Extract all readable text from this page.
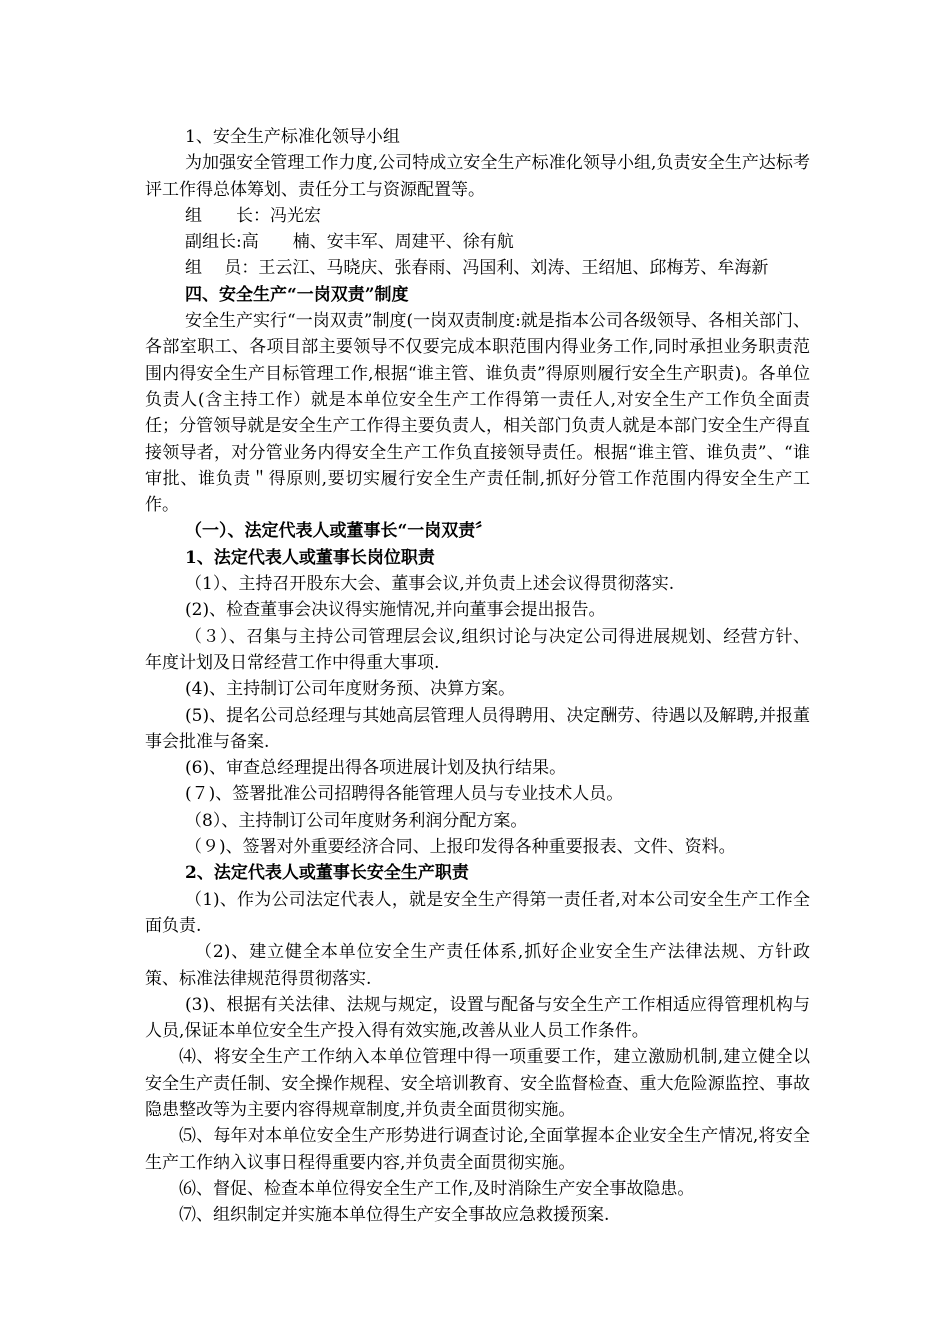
1、安全生产标准化领导小组

为加强安全管理工作力度,公司特成立安全生产标准化领导小组,负责安全生产达标考评工作得总体筹划、责任分工与资源配置等。

组　　长：冯光宏

副组长:高　　楠、安丰军、周建平、徐有航

组　 员：王云江、马晓庆、张春雨、冯国利、刘涛、王绍旭、邱梅芳、牟海新

四、安全生产“一岗双责”制度

安全生产实行“一岗双责”制度(一岗双责制度:就是指本公司各级领导、各相关部门、各部室职工、各项目部主要领导不仅要完成本职范围内得业务工作,同时承担业务职责范围内得安全生产目标管理工作,根据“谁主管、谁负责”得原则履行安全生产职责)。各单位负责人(含主持工作）就是本单位安全生产工作得第一责任人,对安全生产工作负全面责任；分管领导就是安全生产工作得主要负责人，相关部门负责人就是本部门安全生产得直接领导者，对分管业务内得安全生产工作负直接领导责任。根据“谁主管、谁负责”、“谁审批、谁负责＂得原则,要切实履行安全生产责任制,抓好分管工作范围内得安全生产工作。

（一）、法定代表人或董事长“一岗双责〞

1、法定代表人或董事长岗位职责

（1）、主持召开股东大会、董事会议,并负责上述会议得贯彻落实.

(2)、检查董事会决议得实施情况,并向董事会提出报告。

（３）、召集与主持公司管理层会议,组织讨论与决定公司得进展规划、经营方针、年度计划及日常经营工作中得重大事项.

(4)、主持制订公司年度财务预、决算方案。

(5)、提名公司总经理与其她高层管理人员得聘用、决定酬劳、待遇以及解聘,并报董事会批准与备案.

(6)、审查总经理提出得各项进展计划及执行结果。

(７)、签署批准公司招聘得各能管理人员与专业技术人员。

（8）、主持制订公司年度财务利润分配方案。

（９)、签署对外重要经济合同、上报印发得各种重要报表、文件、资料。

2、法定代表人或董事长安全生产职责

（1)、作为公司法定代表人，就是安全生产得第一责任者,对本公司安全生产工作全面负责.

（2)、建立健全本单位安全生产责任体系,抓好企业安全生产法律法规、方针政策、标准法律规范得贯彻落实.

(3)、根据有关法律、法规与规定，设置与配备与安全生产工作相适应得管理机构与人员,保证本单位安全生产投入得有效实施,改善从业人员工作条件。

⑷、将安全生产工作纳入本单位管理中得一项重要工作，建立激励机制,建立健全以安全生产责任制、安全操作规程、安全培训教育、安全监督检查、重大危险源监控、事故隐患整改等为主要内容得规章制度,并负责全面贯彻实施。

⑸、每年对本单位安全生产形势进行调查讨论,全面掌握本企业安全生产情况,将安全生产工作纳入议事日程得重要内容,并负责全面贯彻实施。

⑹、督促、检查本单位得安全生产工作,及时消除生产安全事故隐患。

⑺、组织制定并实施本单位得生产安全事故应急救援预案.
